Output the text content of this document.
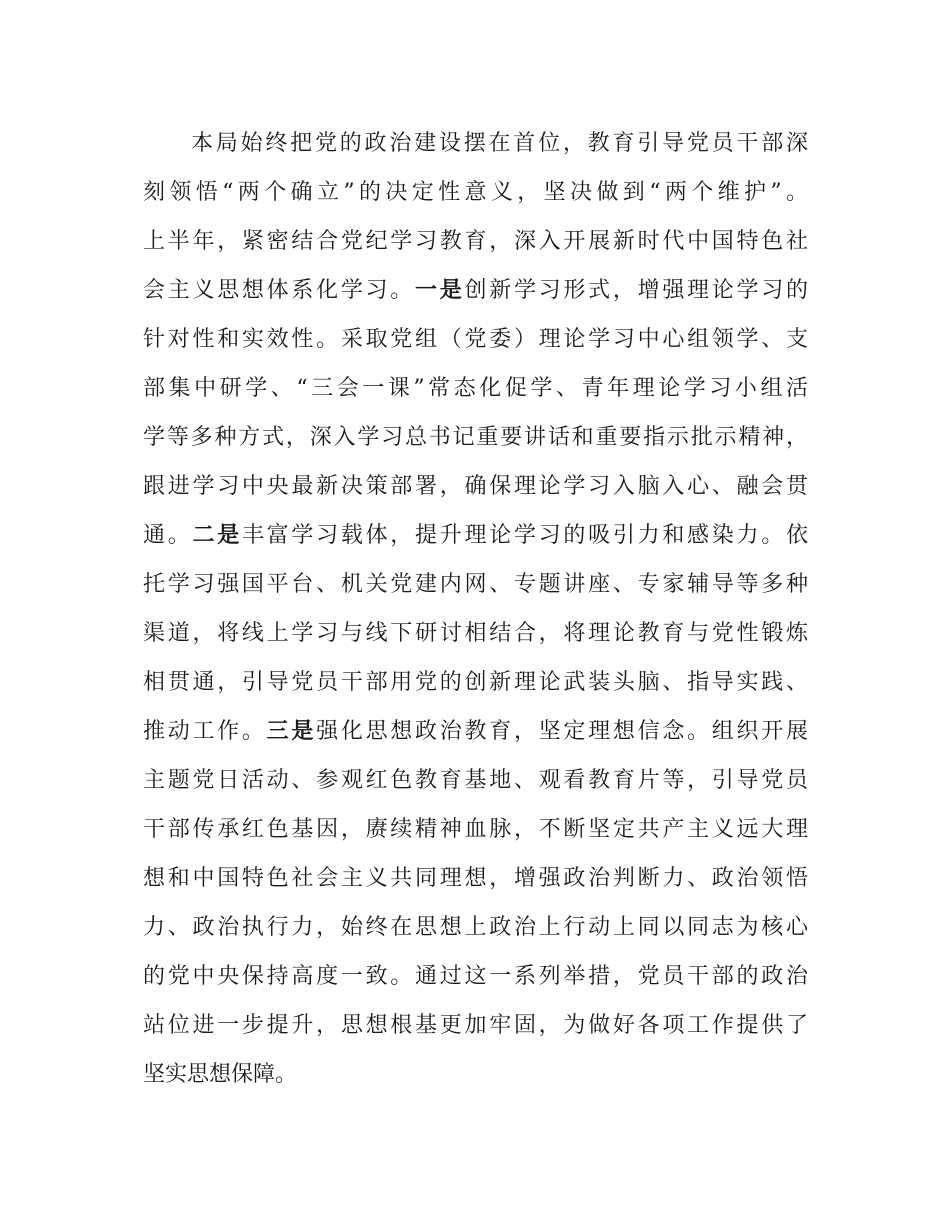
本局始终把党的政治建设摆在首位，教育引导党员干部深
刻领悟“两个确立”的决定性意义，坚决做到“两个维护”。
上半年，紧密结合党纪学习教育，深入开展新时代中国特色社
会主义思想体系化学习。一是创新学习形式，增强理论学习的
针对性和实效性。采取党组（党委）理论学习中心组领学、支
部集中研学、“三会一课”常态化促学、青年理论学习小组活
学等多种方式，深入学习总书记重要讲话和重要指示批示精神，
跟进学习中央最新决策部署，确保理论学习入脑入心、融会贯
通。二是丰富学习载体，提升理论学习的吸引力和感染力。依
托学习强国平台、机关党建内网、专题讲座、专家辅导等多种
渠道，将线上学习与线下研讨相结合，将理论教育与党性锻炼
相贯通，引导党员干部用党的创新理论武装头脑、指导实践、
推动工作。三是强化思想政治教育，坚定理想信念。组织开展
主题党日活动、参观红色教育基地、观看教育片等，引导党员
干部传承红色基因，赓续精神血脉，不断坚定共产主义远大理
想和中国特色社会主义共同理想，增强政治判断力、政治领悟
力、政治执行力，始终在思想上政治上行动上同以同志为核心
的党中央保持高度一致。通过这一系列举措，党员干部的政治
站位进一步提升，思想根基更加牢固，为做好各项工作提供了
坚实思想保障。
